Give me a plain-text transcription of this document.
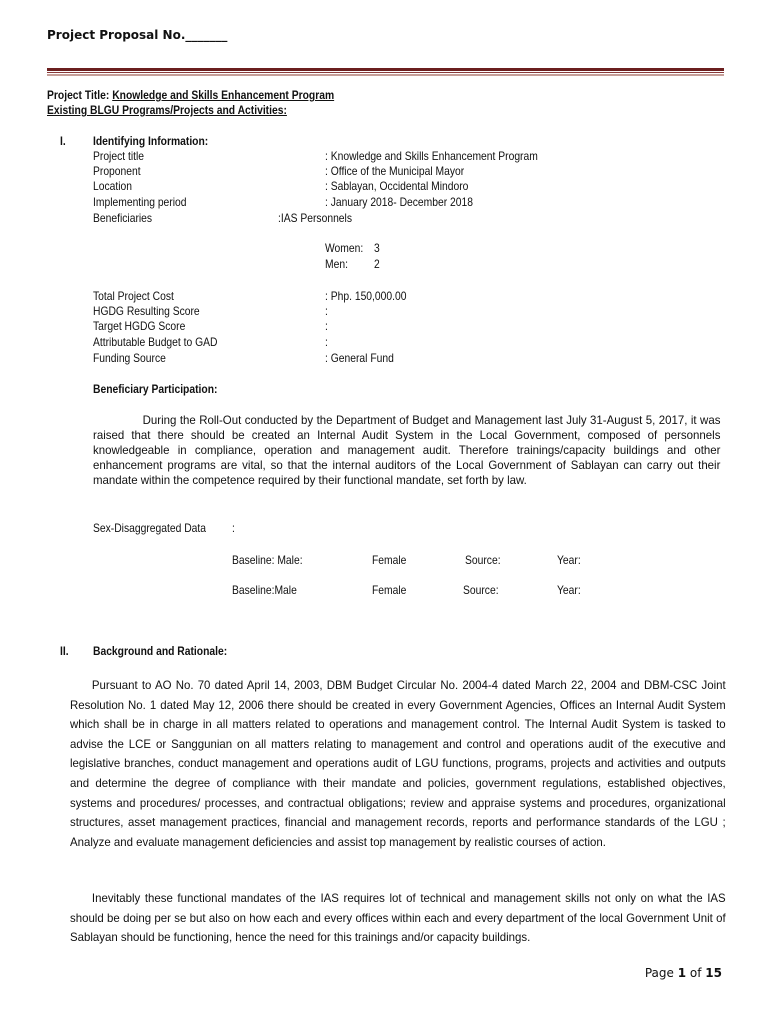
Project Proposal No._______
Project Title: Knowledge and Skills Enhancement Program
Existing BLGU Programs/Projects and Activities:
I. Identifying Information:
Project title	: Knowledge and Skills Enhancement Program
Proponent	: Office of the Municipal Mayor
Location	: Sablayan, Occidental Mindoro
Implementing period	: January 2018- December 2018
Beneficiaries	:IAS Personnels
Women: 3
Men: 2
Total Project Cost	: Php. 150,000.00
HGDG Resulting Score	:
Target HGDG Score	:
Attributable Budget to GAD	:
Funding Source	: General Fund
Beneficiary Participation:
During the Roll-Out conducted by the Department of Budget and Management last July 31-August 5, 2017, it was raised that there should be created an Internal Audit System in the Local Government, composed of personnels knowledgeable in compliance, operation and management audit. Therefore trainings/capacity buildings and other enhancement programs are vital, so that the internal auditors of the Local Government of Sablayan can carry out their mandate within the competence required by their functional mandate, set forth by law.
Sex-Disaggregated Data :
Baseline: Male:	Female	Source:	Year:
Baseline:Male	Female	Source:	Year:
II. Background and Rationale:
Pursuant to AO No. 70 dated April 14, 2003, DBM Budget Circular No. 2004-4 dated March 22, 2004 and DBM-CSC Joint Resolution No. 1 dated May 12, 2006 there should be created in every Government Agencies, Offices an Internal Audit System which shall be in charge in all matters related to operations and management control. The Internal Audit System is tasked to advise the LCE or Sanggunian on all matters relating to management and control and operations audit of the executive and legislative branches, conduct management and operations audit of LGU functions, programs, projects and activities and outputs and determine the degree of compliance with their mandate and policies, government regulations, established objectives, systems and procedures/ processes, and contractual obligations; review and appraise systems and procedures, organizational structures, asset management practices, financial and management records, reports and performance standards of the LGU ; Analyze and evaluate management deficiencies and assist top management by realistic courses of action.
Inevitably these functional mandates of the IAS requires lot of technical and management skills not only on what the IAS should be doing per se but also on how each and every offices within each and every department of the local Government Unit of Sablayan should be functioning, hence the need for this trainings and/or capacity buildings.
Page 1 of 15
